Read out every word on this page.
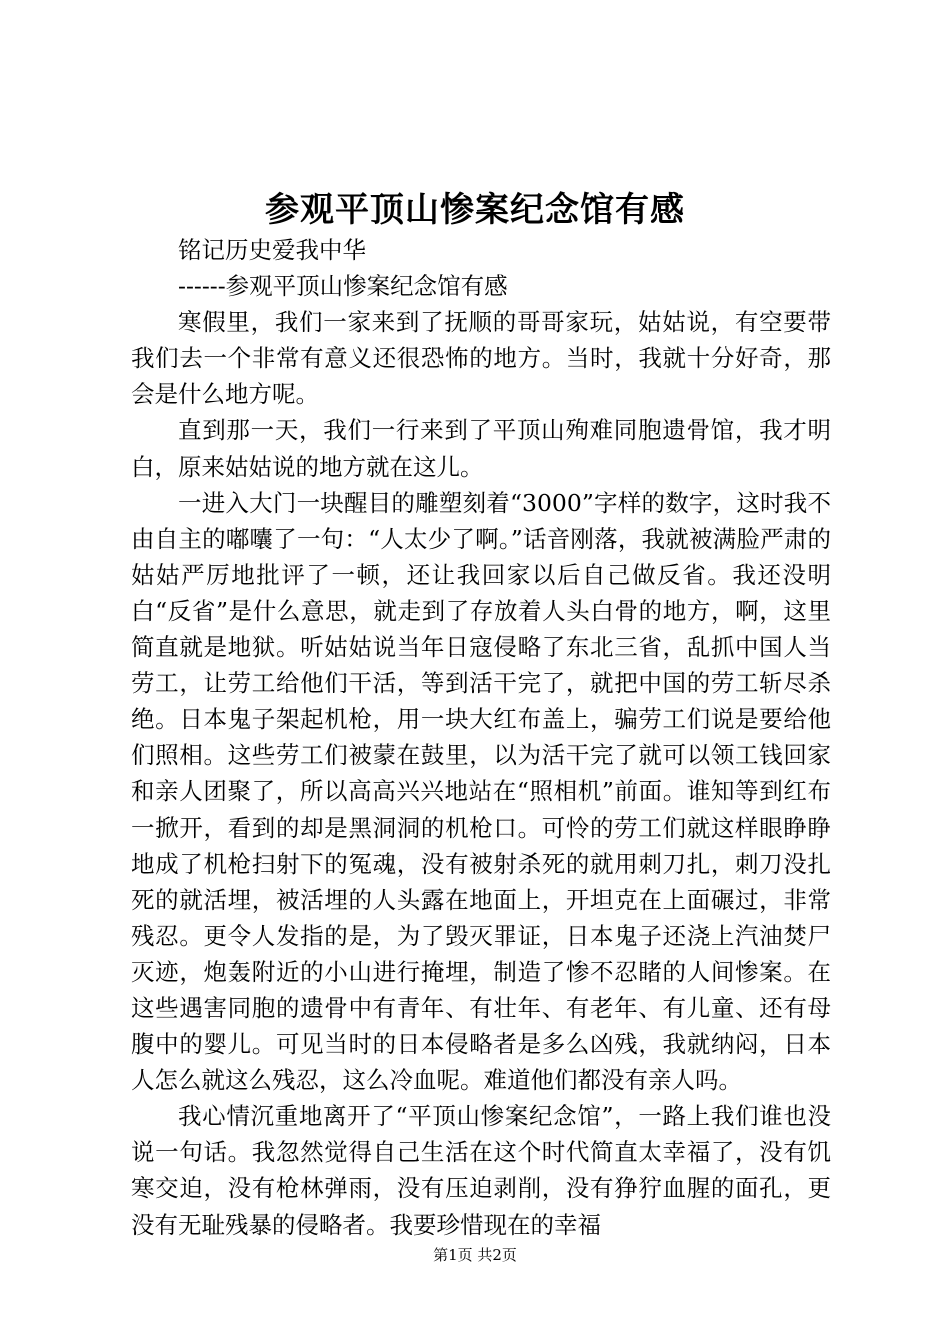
参观平顶山惨案纪念馆有感

铭记历史爱我中华

------参观平顶山惨案纪念馆有感

寒假里，我们一家来到了抚顺的哥哥家玩，姑姑说，有空要带我们去一个非常有意义还很恐怖的地方。当时，我就十分好奇，那会是什么地方呢。

直到那一天，我们一行来到了平顶山殉难同胞遗骨馆，我才明白，原来姑姑说的地方就在这儿。

一进入大门一块醒目的雕塑刻着“3000”字样的数字，这时我不由自主的嘟囔了一句：“人太少了啊。”话音刚落，我就被满脸严肃的姑姑严厉地批评了一顿，还让我回家以后自己做反省。我还没明白“反省”是什么意思，就走到了存放着人头白骨的地方，啊，这里简直就是地狱。听姑姑说当年日寇侵略了东北三省，乱抓中国人当劳工，让劳工给他们干活，等到活干完了，就把中国的劳工斩尽杀绝。日本鬼子架起机枪，用一块大红布盖上，骗劳工们说是要给他们照相。这些劳工们被蒙在鼓里，以为活干完了就可以领工钱回家和亲人团聚了，所以高高兴兴地站在“照相机”前面。谁知等到红布一掀开，看到的却是黑洞洞的机枪口。可怜的劳工们就这样眼睁睁地成了机枪扫射下的冤魂，没有被射杀死的就用刺刀扎，刺刀没扎死的就活埋，被活埋的人头露在地面上，开坦克在上面碾过，非常残忍。更令人发指的是，为了毁灭罪证，日本鬼子还浇上汽油焚尸灭迹，炮轰附近的小山进行掩埋，制造了惨不忍睹的人间惨案。在这些遇害同胞的遗骨中有青年、有壮年、有老年、有儿童、还有母腹中的婴儿。可见当时的日本侵略者是多么凶残，我就纳闷，日本人怎么就这么残忍，这么冷血呢。难道他们都没有亲人吗。

我心情沉重地离开了“平顶山惨案纪念馆”，一路上我们谁也没说一句话。我忽然觉得自己生活在这个时代简直太幸福了，没有饥寒交迫，没有枪林弹雨，没有压迫剥削，没有狰狞血腥的面孔，更没有无耻残暴的侵略者。我要珍惜现在的幸福

第1页 共2页
